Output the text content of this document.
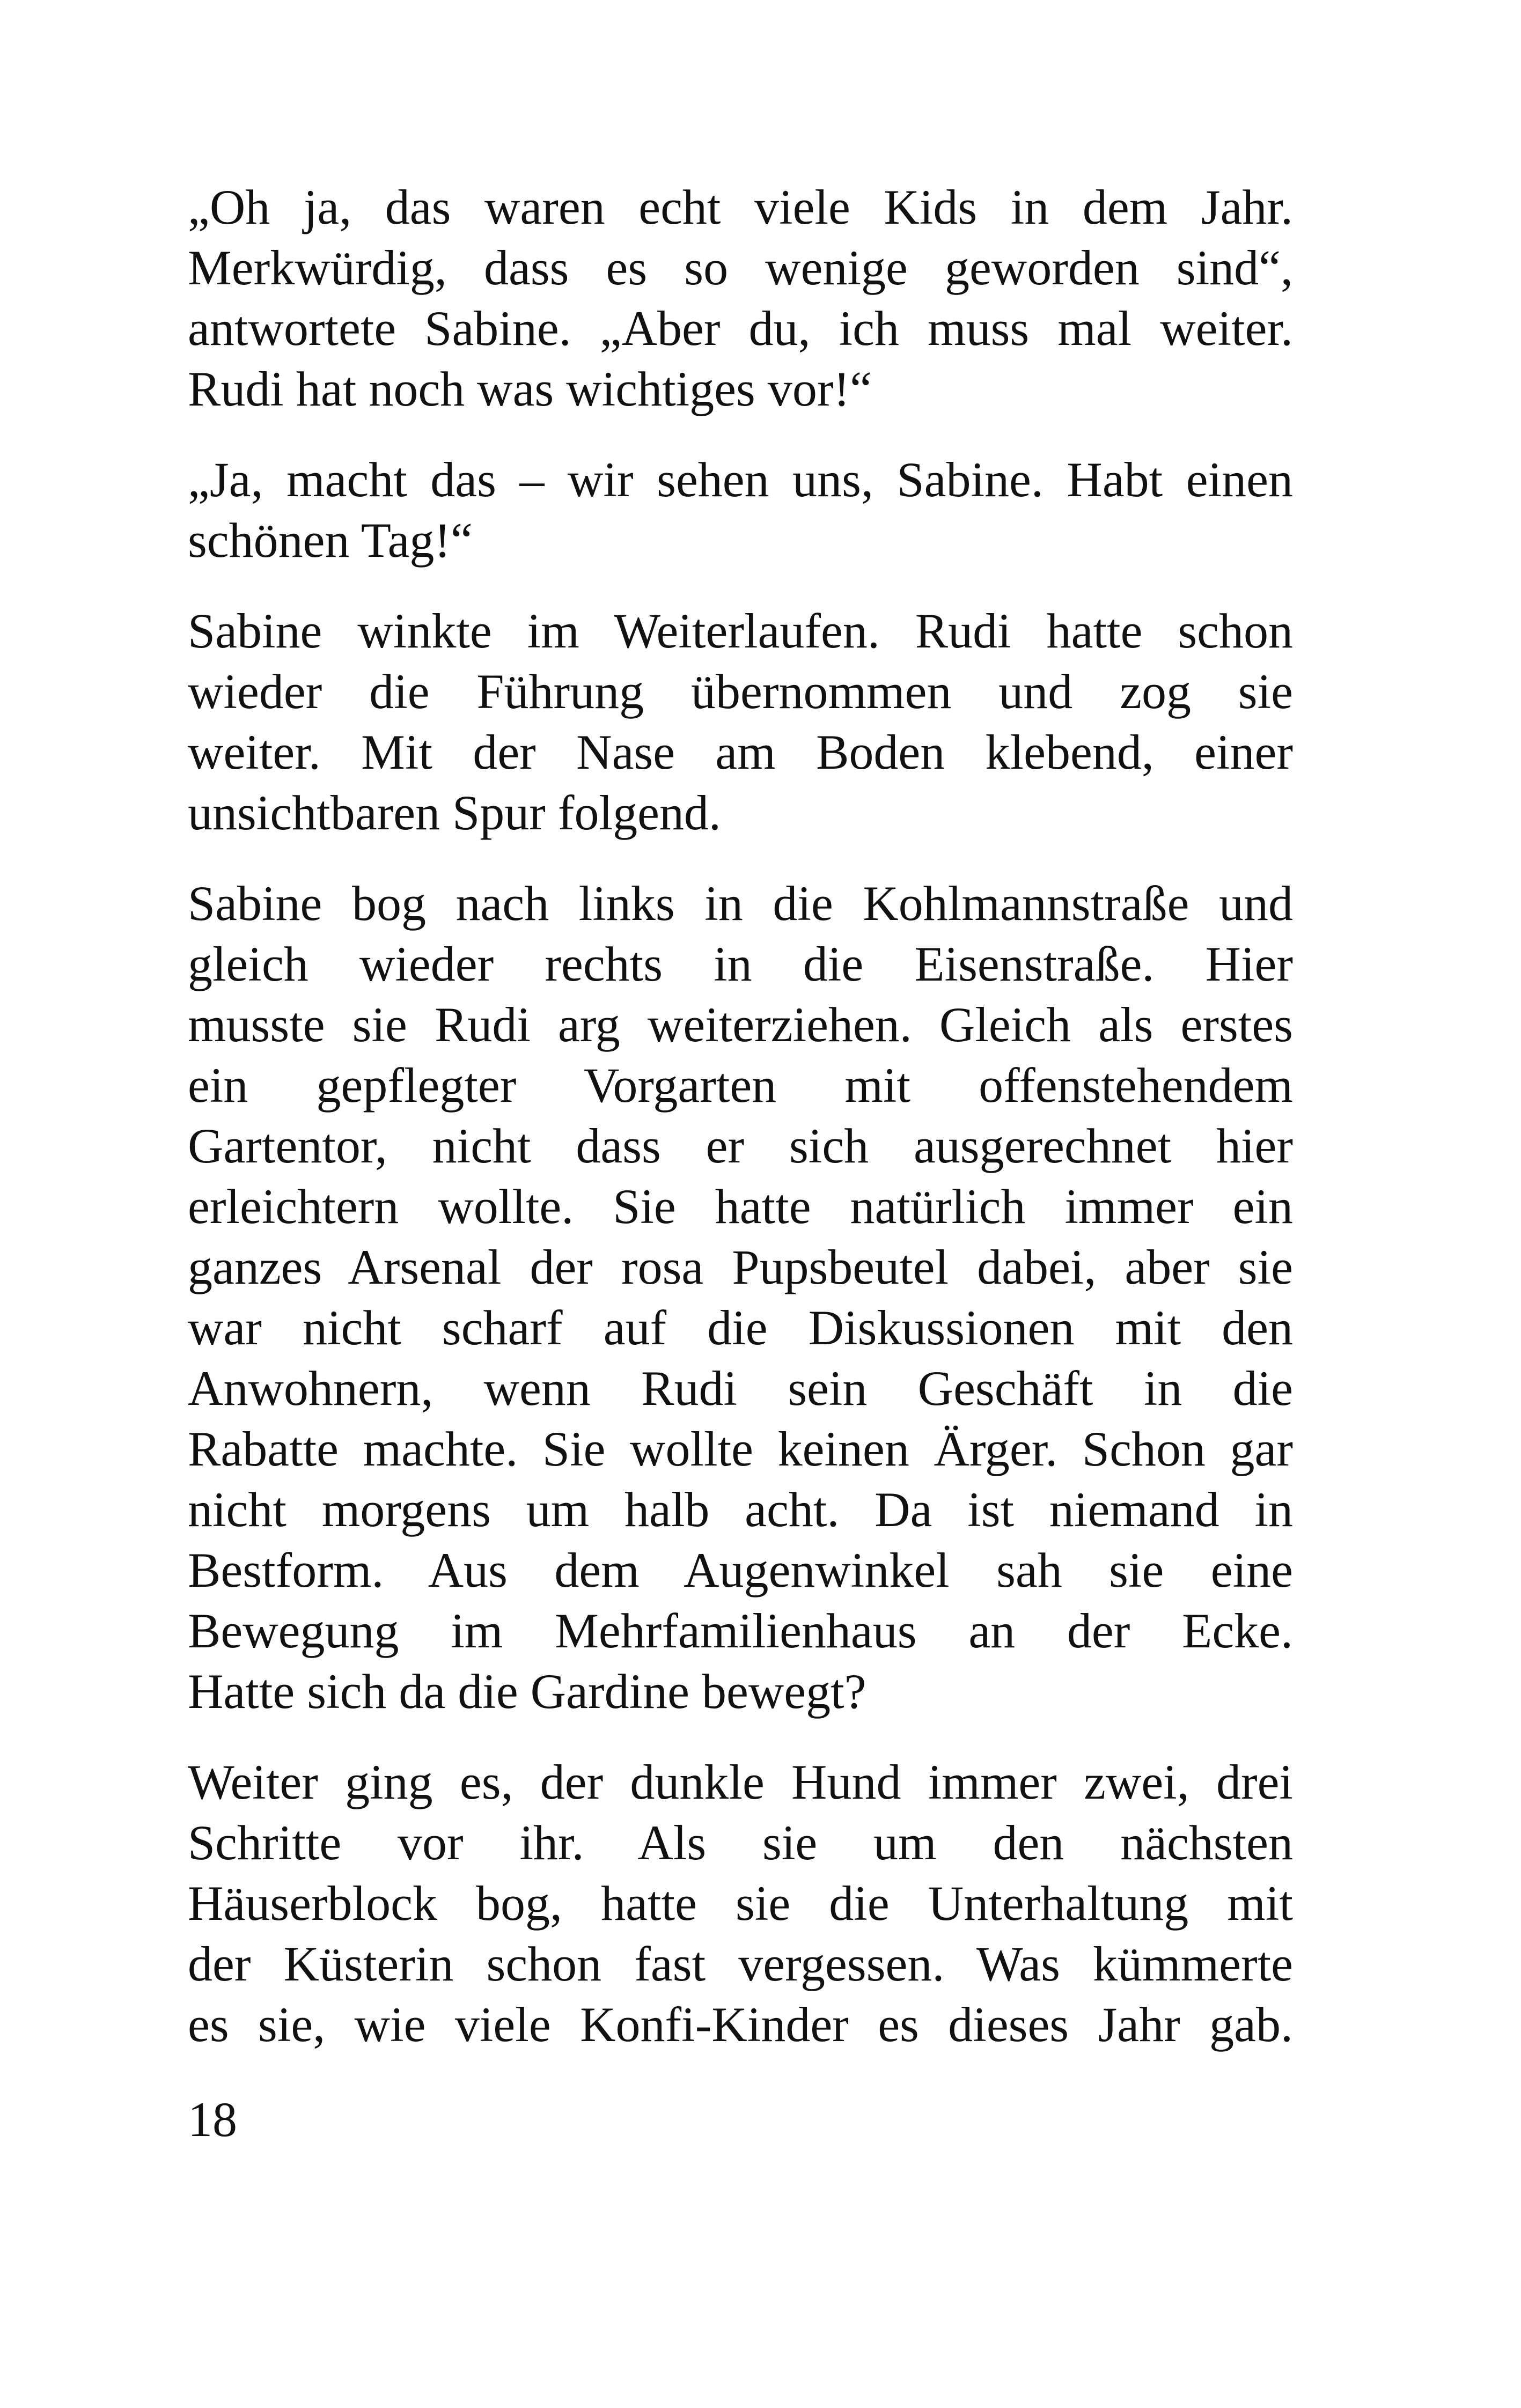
„Oh ja, das waren echt viele Kids in dem Jahr.
Merkwürdig, dass es so wenige geworden sind“,
antwortete Sabine. „Aber du, ich muss mal weiter.
Rudi hat noch was wichtiges vor!“

„Ja, macht das – wir sehen uns, Sabine. Habt einen
schönen Tag!“

Sabine winkte im Weiterlaufen. Rudi hatte schon
wieder die Führung übernommen und zog sie
weiter. Mit der Nase am Boden klebend, einer
unsichtbaren Spur folgend.

Sabine bog nach links in die Kohlmannstraße und
gleich wieder rechts in die Eisenstraße. Hier
musste sie Rudi arg weiterziehen. Gleich als erstes
ein gepflegter Vorgarten mit offenstehendem
Gartentor, nicht dass er sich ausgerechnet hier
erleichtern wollte. Sie hatte natürlich immer ein
ganzes Arsenal der rosa Pupsbeutel dabei, aber sie
war nicht scharf auf die Diskussionen mit den
Anwohnern, wenn Rudi sein Geschäft in die
Rabatte machte. Sie wollte keinen Ärger. Schon gar
nicht morgens um halb acht. Da ist niemand in
Bestform. Aus dem Augenwinkel sah sie eine
Bewegung im Mehrfamilienhaus an der Ecke.
Hatte sich da die Gardine bewegt?

Weiter ging es, der dunkle Hund immer zwei, drei
Schritte vor ihr. Als sie um den nächsten
Häuserblock bog, hatte sie die Unterhaltung mit
der Küsterin schon fast vergessen. Was kümmerte
es sie, wie viele Konfi-Kinder es dieses Jahr gab.

18
